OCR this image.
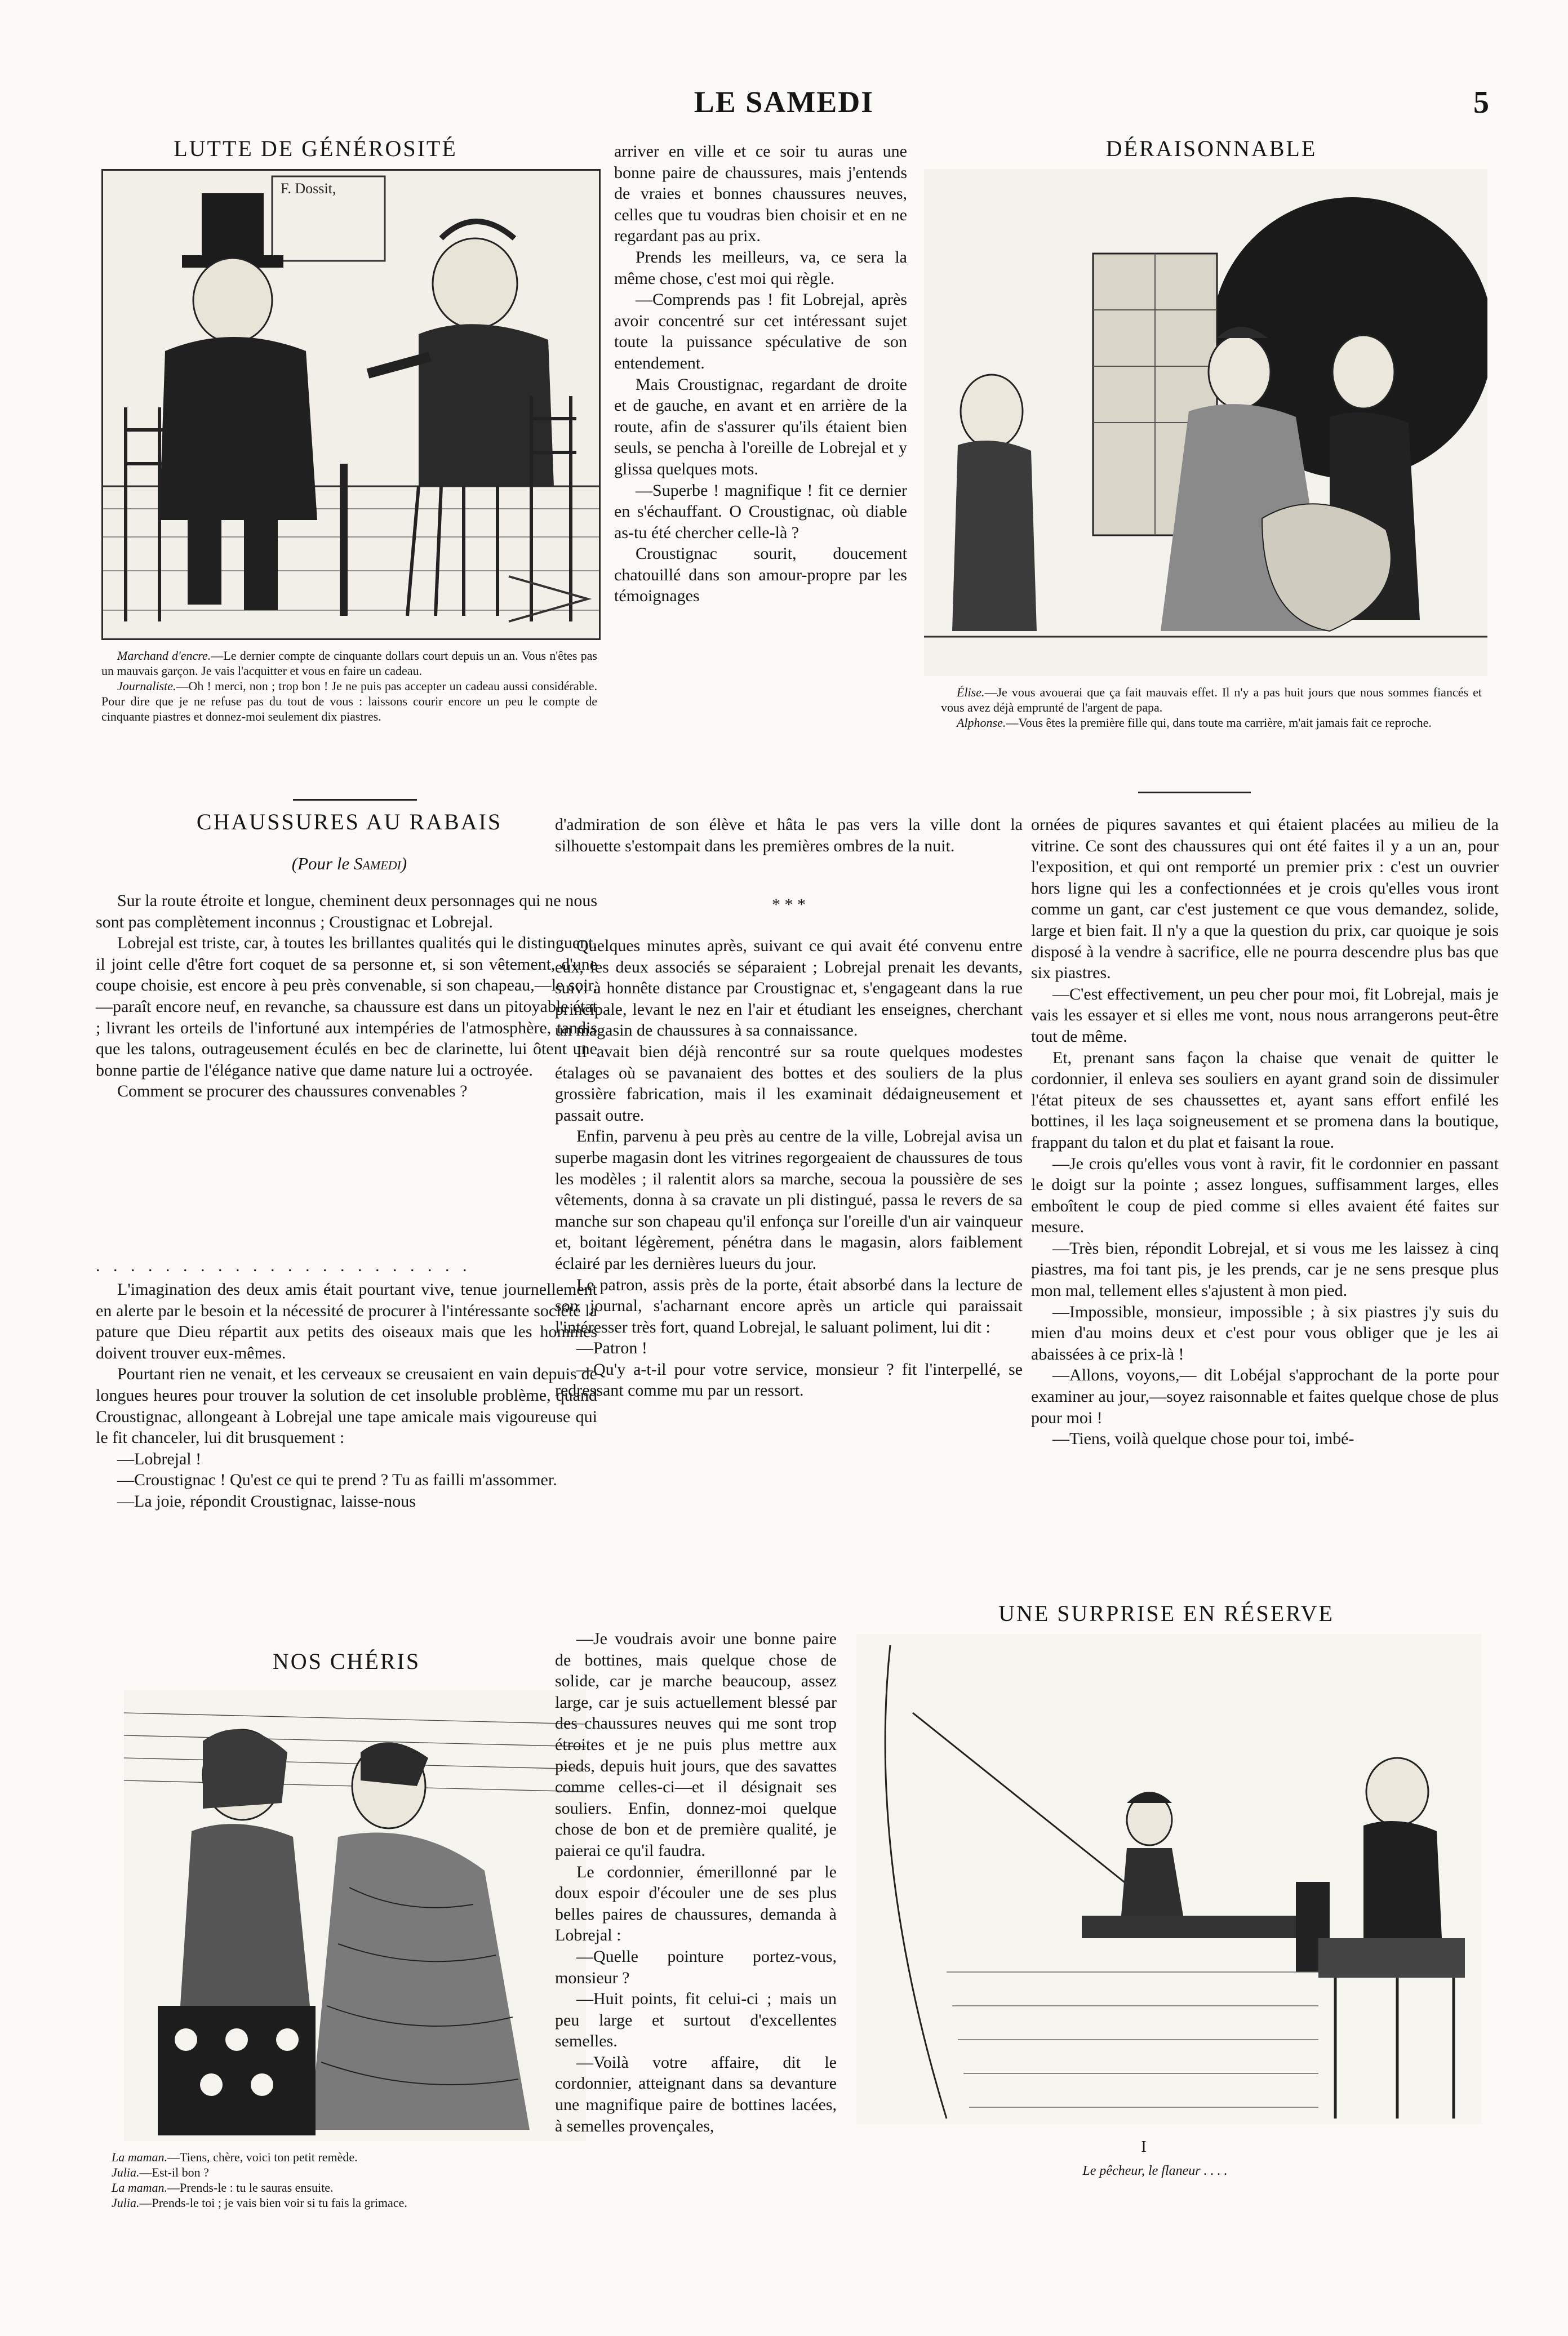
LE SAMEDI	5
LUTTE DE GÉNÉROSITÉ
F. Dossit,

Marchand d'encre.—Le dernier compte de cinquante dollars court depuis un an. Vous n'êtes pas un mauvais garçon. Je vais l'acquitter et vous en faire un cadeau.

Journaliste.—Oh ! merci, non ; trop bon ! Je ne puis pas accepter un cadeau aussi considérable. Pour dire que je ne refuse pas du tout de vous : laissons courir encore un peu le compte de cinquante piastres et donnez-moi seulement dix piastres.

CHAUSSURES AU RABAIS
(Pour le Samedi)

Sur la route étroite et longue, cheminent deux personnages qui ne nous sont pas complètement inconnus ; Croustignac et Lobrejal.

Lobrejal est triste, car, à toutes les brillantes qualités qui le distinguent, il joint celle d'être fort coquet de sa personne et, si son vêtement, d'une coupe choisie, est encore à peu près convenable, si son chapeau,—le soir,—paraît encore neuf, en revanche, sa chaussure est dans un pitoyable état ; livrant les orteils de l'infortuné aux intempéries de l'atmosphère, tandis que les talons, outrageusement éculés en bec de clarinette, lui ôtent une bonne partie de l'élégance native que dame nature lui a octroyée.

Comment se procurer des chaussures convenables ?

. . . . . . . . . . . . . . . . . . . . . .

L'imagination des deux amis était pourtant vive, tenue journellement en alerte par le besoin et la nécessité de procurer à l'intéressante société la pature que Dieu répartit aux petits des oiseaux mais que les hommes doivent trouver eux-mêmes.

Pourtant rien ne venait, et les cerveaux se creusaient en vain depuis de longues heures pour trouver la solution de cet insoluble problème, quand Croustignac, allongeant à Lobrejal une tape amicale mais vigoureuse qui le fit chanceler, lui dit brusquement :

—Lobrejal !

—Croustignac ! Qu'est ce qui te prend ? Tu as failli m'assommer.

—La joie, répondit Croustignac, laisse-nous

NOS CHÉRIS

La maman.—Tiens, chère, voici ton petit remède.

Julia.—Est-il bon ?

La maman.—Prends-le : tu le sauras ensuite.

Julia.—Prends-le toi ; je vais bien voir si tu fais la grimace.

arriver en ville et ce soir tu auras une bonne paire de chaussures, mais j'entends de vraies et bonnes chaussures neuves, celles que tu voudras bien choisir et en ne regardant pas au prix.

Prends les meilleurs, va, ce sera la même chose, c'est moi qui règle.

—Comprends pas ! fit Lobrejal, après avoir concentré sur cet intéressant sujet toute la puissance spéculative de son entendement.

Mais Croustignac, regardant de droite et de gauche, en avant et en arrière de la route, afin de s'assurer qu'ils étaient bien seuls, se pencha à l'oreille de Lobrejal et y glissa quelques mots.

—Superbe ! magnifique ! fit ce dernier en s'échauffant. O Croustignac, où diable as-tu été chercher celle-là ?

Croustignac sourit, doucement chatouillé dans son amour-propre par les témoignages

d'admiration de son élève et hâta le pas vers la ville dont la silhouette s'estompait dans les premières ombres de la nuit.

* * *

Quelques minutes après, suivant ce qui avait été convenu entre eux, les deux associés se séparaient ; Lobrejal prenait les devants, suivi à honnête distance par Croustignac et, s'engageant dans la rue principale, levant le nez en l'air et étudiant les enseignes, cherchant un magasin de chaussures à sa connaissance.

Il avait bien déjà rencontré sur sa route quelques modestes étalages où se pavanaient des bottes et des souliers de la plus grossière fabrication, mais il les examinait dédaigneusement et passait outre.

Enfin, parvenu à peu près au centre de la ville, Lobrejal avisa un superbe magasin dont les vitrines regorgeaient de chaussures de tous les modèles ; il ralentit alors sa marche, secoua la poussière de ses vêtements, donna à sa cravate un pli distingué, passa le revers de sa manche sur son chapeau qu'il enfonça sur l'oreille d'un air vainqueur et, boitant légèrement, pénétra dans le magasin, alors faiblement éclairé par les dernières lueurs du jour.

Le patron, assis près de la porte, était absorbé dans la lecture de son journal, s'acharnant encore après un article qui paraissait l'intéresser très fort, quand Lobrejal, le saluant poliment, lui dit :

—Patron !

—Qu'y a-t-il pour votre service, monsieur ? fit l'interpellé, se redressant comme mu par un ressort.

—Je voudrais avoir une bonne paire de bottines, mais quelque chose de solide, car je marche beaucoup, assez large, car je suis actuellement blessé par des chaussures neuves qui me sont trop étroites et je ne puis plus mettre aux pieds, depuis huit jours, que des savattes comme celles-ci—et il désignait ses souliers. Enfin, donnez-moi quelque chose de bon et de première qualité, je paierai ce qu'il faudra.

Le cordonnier, émerillonné par le doux espoir d'écouler une de ses plus belles paires de chaussures, demanda à Lobrejal :

—Quelle pointure portez-vous, monsieur ?

—Huit points, fit celui-ci ; mais un peu large et surtout d'excellentes semelles.

—Voilà votre affaire, dit le cordonnier, atteignant dans sa devanture une magnifique paire de bottines lacées, à semelles provençales,

DÉRAISONNABLE

Élise.—Je vous avouerai que ça fait mauvais effet. Il n'y a pas huit jours que nous sommes fiancés et vous avez déjà emprunté de l'argent de papa.

Alphonse.—Vous êtes la première fille qui, dans toute ma carrière, m'ait jamais fait ce reproche.

ornées de piqures savantes et qui étaient placées au milieu de la vitrine. Ce sont des chaussures qui ont été faites il y a un an, pour l'exposition, et qui ont remporté un premier prix : c'est un ouvrier hors ligne qui les a confectionnées et je crois qu'elles vous iront comme un gant, car c'est justement ce que vous demandez, solide, large et bien fait. Il n'y a que la question du prix, car quoique je sois disposé à la vendre à sacrifice, elle ne pourra descendre plus bas que six piastres.

—C'est effectivement, un peu cher pour moi, fit Lobrejal, mais je vais les essayer et si elles me vont, nous nous arrangerons peut-être tout de même.

Et, prenant sans façon la chaise que venait de quitter le cordonnier, il enleva ses souliers en ayant grand soin de dissimuler l'état piteux de ses chaussettes et, ayant sans effort enfilé les bottines, il les laça soigneusement et se promena dans la boutique, frappant du talon et du plat et faisant la roue.

—Je crois qu'elles vous vont à ravir, fit le cordonnier en passant le doigt sur la pointe ; assez longues, suffisamment larges, elles emboîtent le coup de pied comme si elles avaient été faites sur mesure.

—Très bien, répondit Lobrejal, et si vous me les laissez à cinq piastres, ma foi tant pis, je les prends, car je ne sens presque plus mon mal, tellement elles s'ajustent à mon pied.

—Impossible, monsieur, impossible ; à six piastres j'y suis du mien d'au moins deux et c'est pour vous obliger que je les ai abaissées à ce prix-là !

—Allons, voyons,— dit Lobéjal s'approchant de la porte pour examiner au jour,—soyez raisonnable et faites quelque chose de plus pour moi !

—Tiens, voilà quelque chose pour toi, imbé-

UNE SURPRISE EN RÉSERVE
I
Le pêcheur, le flaneur . . . .
